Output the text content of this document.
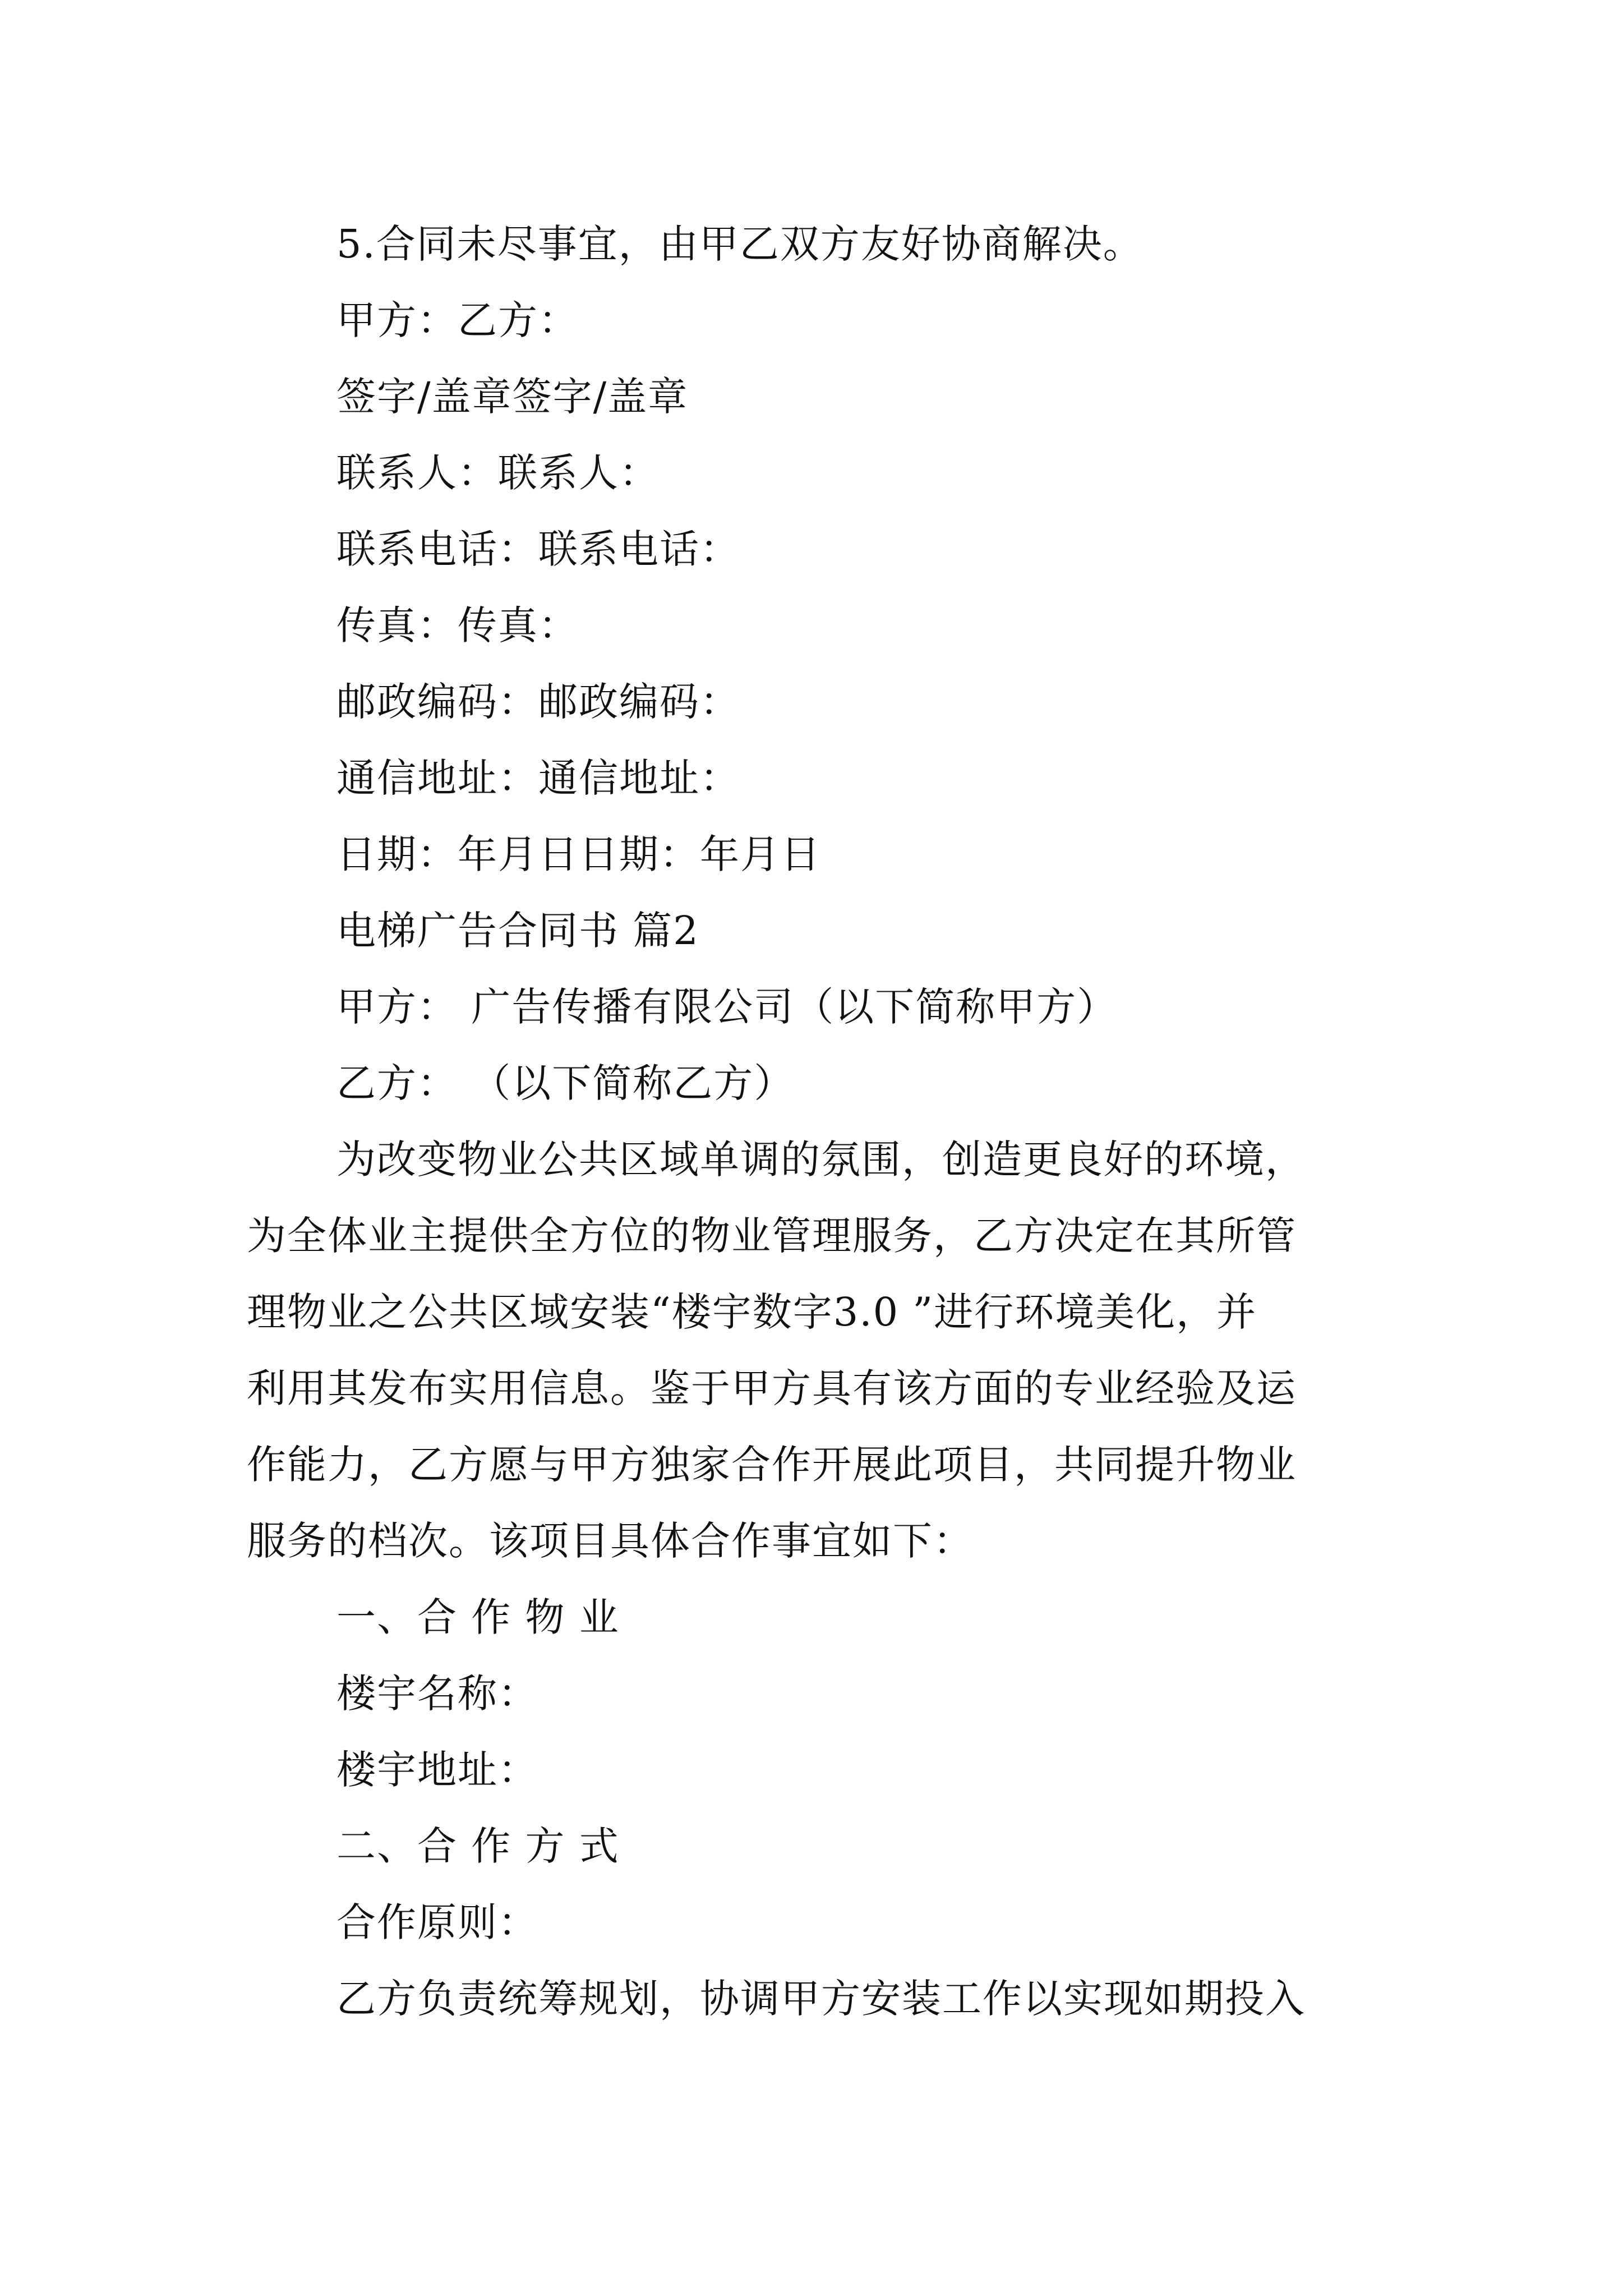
5.合同未尽事宜，由甲乙双方友好协商解决。
甲方：乙方：
签字/盖章签字/盖章
联系人：联系人：
联系电话：联系电话：
传真：传真：
邮政编码：邮政编码：
通信地址：通信地址：
日期：年月日日期：年月日
电梯广告合同书 篇2
甲方： 广告传播有限公司（以下简称甲方）
乙方： （以下简称乙方）
为改变物业公共区域单调的氛围，创造更良好的环境，
为全体业主提供全方位的物业管理服务，乙方决定在其所管
理物业之公共区域安装“楼宇数字3.0 ”进行环境美化，并
利用其发布实用信息。鉴于甲方具有该方面的专业经验及运
作能力，乙方愿与甲方独家合作开展此项目，共同提升物业
服务的档次。该项目具体合作事宜如下：
一、合 作 物 业
楼宇名称：
楼宇地址：
二、合 作 方 式
合作原则：
乙方负责统筹规划，协调甲方安装工作以实现如期投入
